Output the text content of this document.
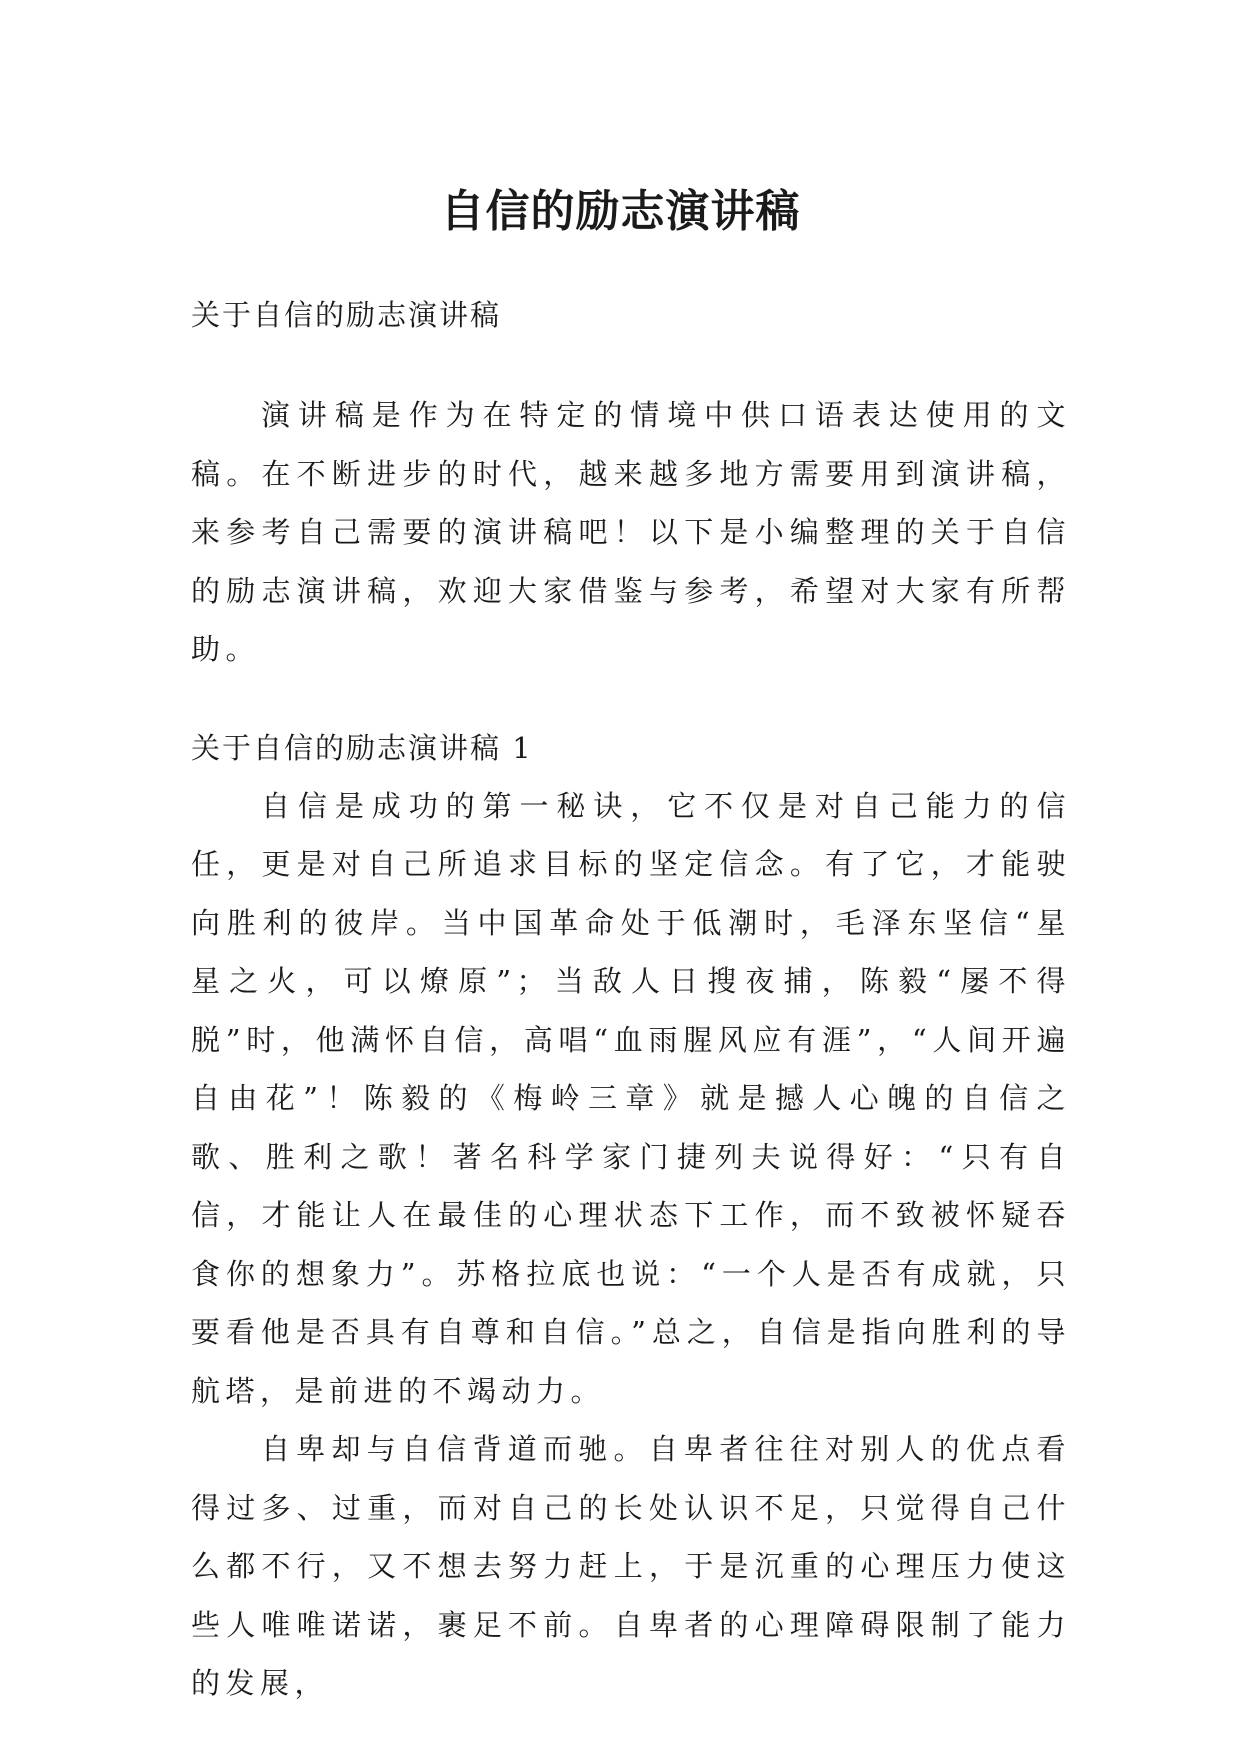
自信的励志演讲稿

关于自信的励志演讲稿

演讲稿是作为在特定的情境中供口语表达使用的文稿。在不断进步的时代，越来越多地方需要用到演讲稿，来参考自己需要的演讲稿吧！以下是小编整理的关于自信的励志演讲稿，欢迎大家借鉴与参考，希望对大家有所帮助。

关于自信的励志演讲稿 1

自信是成功的第一秘诀，它不仅是对自己能力的信任，更是对自己所追求目标的坚定信念。有了它，才能驶向胜利的彼岸。当中国革命处于低潮时，毛泽东坚信“星星之火，可以燎原”；当敌人日搜夜捕，陈毅“屡不得脱”时，他满怀自信，高唱“血雨腥风应有涯”，“人间开遍自由花”！陈毅的《梅岭三章》就是撼人心魄的自信之歌、胜利之歌！著名科学家门捷列夫说得好：“只有自信，才能让人在最佳的心理状态下工作，而不致被怀疑吞食你的想象力”。苏格拉底也说：“一个人是否有成就，只要看他是否具有自尊和自信。”总之，自信是指向胜利的导航塔，是前进的不竭动力。

自卑却与自信背道而驰。自卑者往往对别人的优点看得过多、过重，而对自己的长处认识不足，只觉得自己什么都不行，又不想去努力赶上，于是沉重的心理压力使这些人唯唯诺诺，裹足不前。自卑者的心理障碍限制了能力的发展，
